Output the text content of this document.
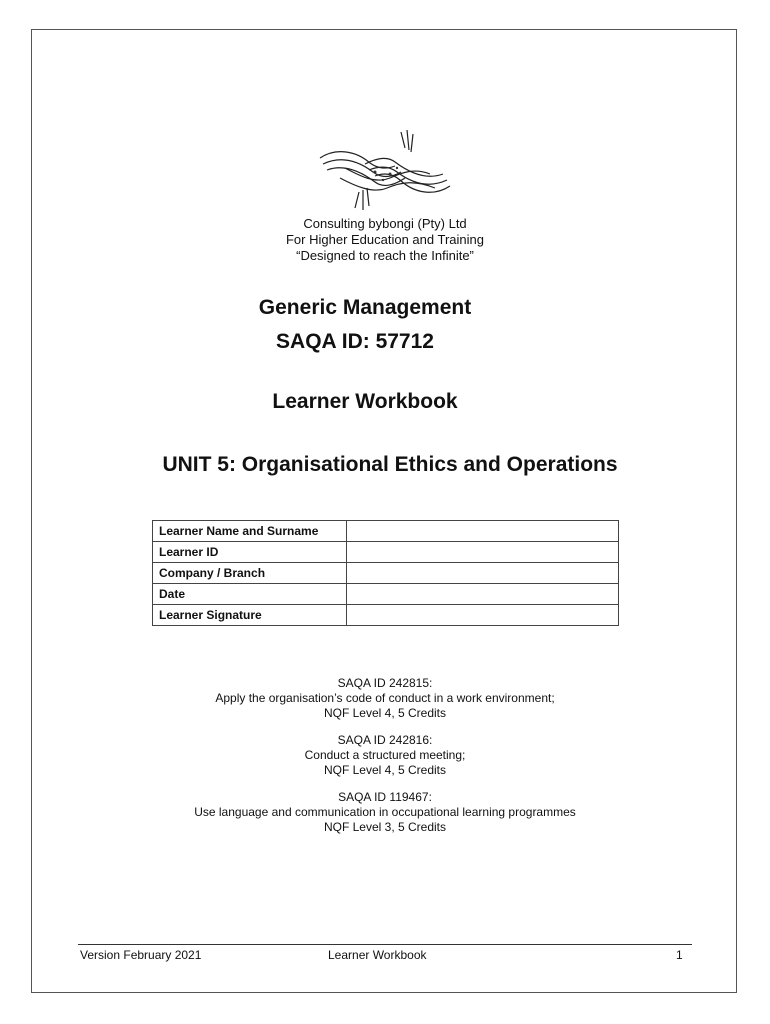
Consulting bybongi (Pty) Ltd
For Higher Education and Training
“Designed to reach the Infinite”
Generic Management
SAQA ID: 57712
Learner Workbook
UNIT 5: Organisational Ethics and Operations
Learner Name and Surname	
Learner ID	
Company / Branch	
Date	
Learner Signature	
SAQA ID 242815:
Apply the organisation’s code of conduct in a work environment;
NQF Level 4, 5 Credits
SAQA ID 242816:
Conduct a structured meeting;
NQF Level 4, 5 Credits
SAQA ID 119467:
Use language and communication in occupational learning programmes
NQF Level 3, 5 Credits
Version February 2021	Learner Workbook	1
